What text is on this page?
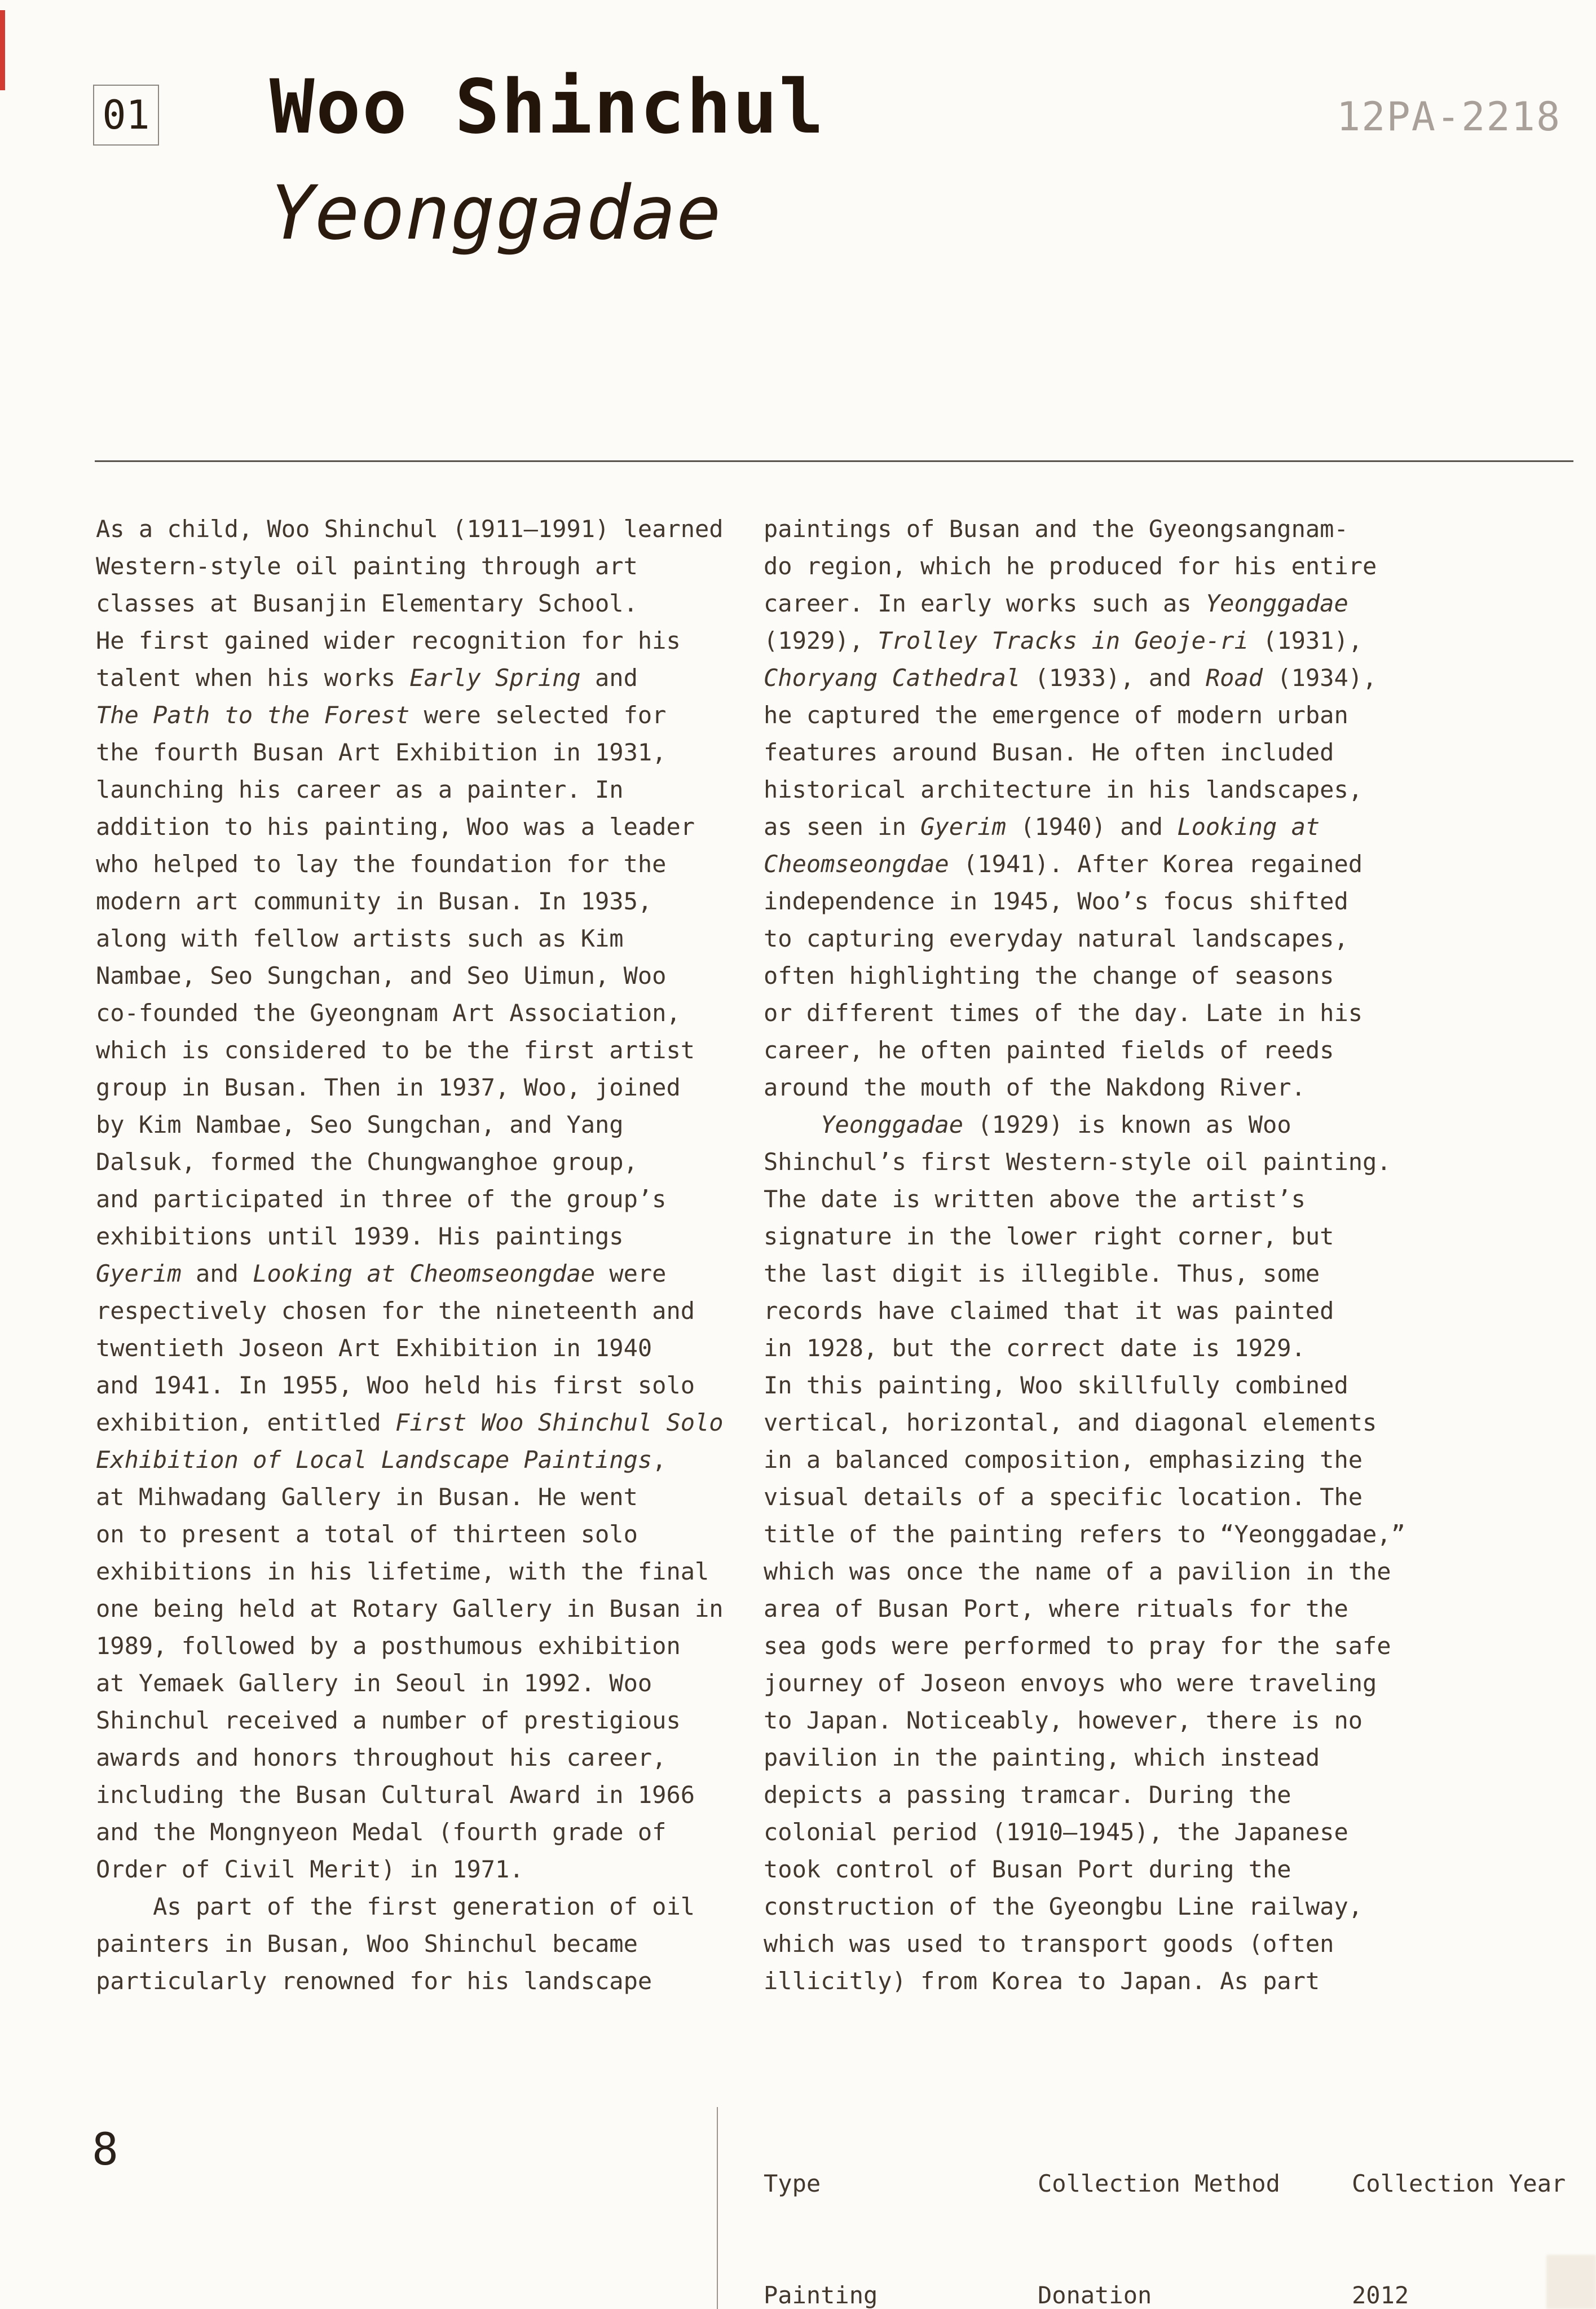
01 Woo Shinchul
Yeonggadae
12PA-2218
As a child, Woo Shinchul (1911–1991) learned
Western-style oil painting through art
classes at Busanjin Elementary School.
He first gained wider recognition for his
talent when his works Early Spring and
The Path to the Forest were selected for
the fourth Busan Art Exhibition in 1931,
launching his career as a painter. In
addition to his painting, Woo was a leader
who helped to lay the foundation for the
modern art community in Busan. In 1935,
along with fellow artists such as Kim
Nambae, Seo Sungchan, and Seo Uimun, Woo
co-founded the Gyeongnam Art Association,
which is considered to be the first artist
group in Busan. Then in 1937, Woo, joined
by Kim Nambae, Seo Sungchan, and Yang
Dalsuk, formed the Chungwanghoe group,
and participated in three of the group’s
exhibitions until 1939. His paintings
Gyerim and Looking at Cheomseongdae were
respectively chosen for the nineteenth and
twentieth Joseon Art Exhibition in 1940
and 1941. In 1955, Woo held his first solo
exhibition, entitled First Woo Shinchul Solo
Exhibition of Local Landscape Paintings,
at Mihwadang Gallery in Busan. He went
on to present a total of thirteen solo
exhibitions in his lifetime, with the final
one being held at Rotary Gallery in Busan in
1989, followed by a posthumous exhibition
at Yemaek Gallery in Seoul in 1992. Woo
Shinchul received a number of prestigious
awards and honors throughout his career,
including the Busan Cultural Award in 1966
and the Mongnyeon Medal (fourth grade of
Order of Civil Merit) in 1971.
As part of the first generation of oil
painters in Busan, Woo Shinchul became
particularly renowned for his landscape
paintings of Busan and the Gyeongsangnam-
do region, which he produced for his entire
career. In early works such as Yeonggadae
(1929), Trolley Tracks in Geoje-ri (1931),
Choryang Cathedral (1933), and Road (1934),
he captured the emergence of modern urban
features around Busan. He often included
historical architecture in his landscapes,
as seen in Gyerim (1940) and Looking at
Cheomseongdae (1941). After Korea regained
independence in 1945, Woo’s focus shifted
to capturing everyday natural landscapes,
often highlighting the change of seasons
or different times of the day. Late in his
career, he often painted fields of reeds
around the mouth of the Nakdong River.
Yeonggadae (1929) is known as Woo
Shinchul’s first Western-style oil painting.
The date is written above the artist’s
signature in the lower right corner, but
the last digit is illegible. Thus, some
records have claimed that it was painted
in 1928, but the correct date is 1929.
In this painting, Woo skillfully combined
vertical, horizontal, and diagonal elements
in a balanced composition, emphasizing the
visual details of a specific location. The
title of the painting refers to “Yeonggadae,”
which was once the name of a pavilion in the
area of Busan Port, where rituals for the
sea gods were performed to pray for the safe
journey of Joseon envoys who were traveling
to Japan. Noticeably, however, there is no
pavilion in the painting, which instead
depicts a passing tramcar. During the
colonial period (1910–1945), the Japanese
took control of Busan Port during the
construction of the Gyeongbu Line railway,
which was used to transport goods (often
illicitly) from Korea to Japan. As part

Type

Painting

Collection Method

Donation

Collection Year

2012

8
